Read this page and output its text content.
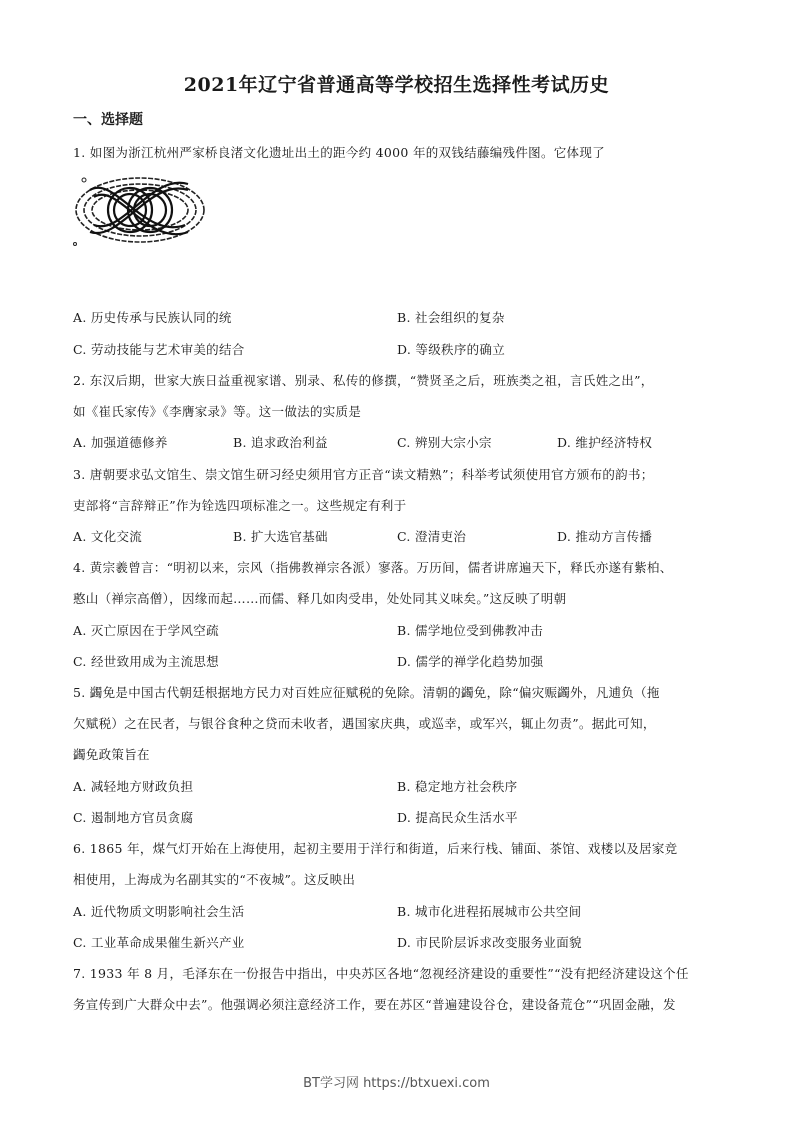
2021年辽宁省普通高等学校招生选择性考试历史
一、选择题
1. 如图为浙江杭州严家桥良渚文化遗址出土的距今约 4000 年的双钱结藤编残件图。它体现了
A. 历史传承与民族认同的统	B. 社会组织的复杂
C. 劳动技能与艺术审美的结合	D. 等级秩序的确立
2. 东汉后期，世家大族日益重视家谱、别录、私传的修撰，“赞贤圣之后，班族类之祖，言氏姓之出”，
如《崔氏家传》《李膺家录》等。这一做法的实质是
A. 加强道德修养	B. 追求政治利益	C. 辨别大宗小宗	D. 维护经济特权
3. 唐朝要求弘文馆生、崇文馆生研习经史须用官方正音“读文精熟”；科举考试须使用官方颁布的韵书；
吏部将“言辞辩正”作为铨选四项标准之一。这些规定有利于
A. 文化交流	B. 扩大选官基础	C. 澄清吏治	D. 推动方言传播
4. 黄宗羲曾言：“明初以来，宗风（指佛教禅宗各派）寥落。万历间，儒者讲席遍天下，释氏亦遂有紫柏、
憨山（禅宗高僧），因缘而起……而儒、释几如肉受串，处处同其义味矣。”这反映了明朝
A. 灭亡原因在于学风空疏	B. 儒学地位受到佛教冲击
C. 经世致用成为主流思想	D. 儒学的禅学化趋势加强
5. 蠲免是中国古代朝廷根据地方民力对百姓应征赋税的免除。清朝的蠲免，除“偏灾赈蠲外，凡逋负（拖
欠赋税）之在民者，与银谷食种之贷而未收者，遇国家庆典，或巡幸，或军兴，辄止勿责”。据此可知，
蠲免政策旨在
A. 减轻地方财政负担	B. 稳定地方社会秩序
C. 遏制地方官员贪腐	D. 提高民众生活水平
6. 1865 年，煤气灯开始在上海使用，起初主要用于洋行和街道，后来行栈、铺面、茶馆、戏楼以及居家竞
相使用，上海成为名副其实的“不夜城”。这反映出
A. 近代物质文明影响社会生活	B. 城市化进程拓展城市公共空间
C. 工业革命成果催生新兴产业	D. 市民阶层诉求改变服务业面貌
7. 1933 年 8 月，毛泽东在一份报告中指出，中央苏区各地“忽视经济建设的重要性”“没有把经济建设这个任
务宣传到广大群众中去”。他强调必须注意经济工作，要在苏区“普遍建设谷仓，建设备荒仓”“巩固金融，发
BT学习网 https://btxuexi.com
